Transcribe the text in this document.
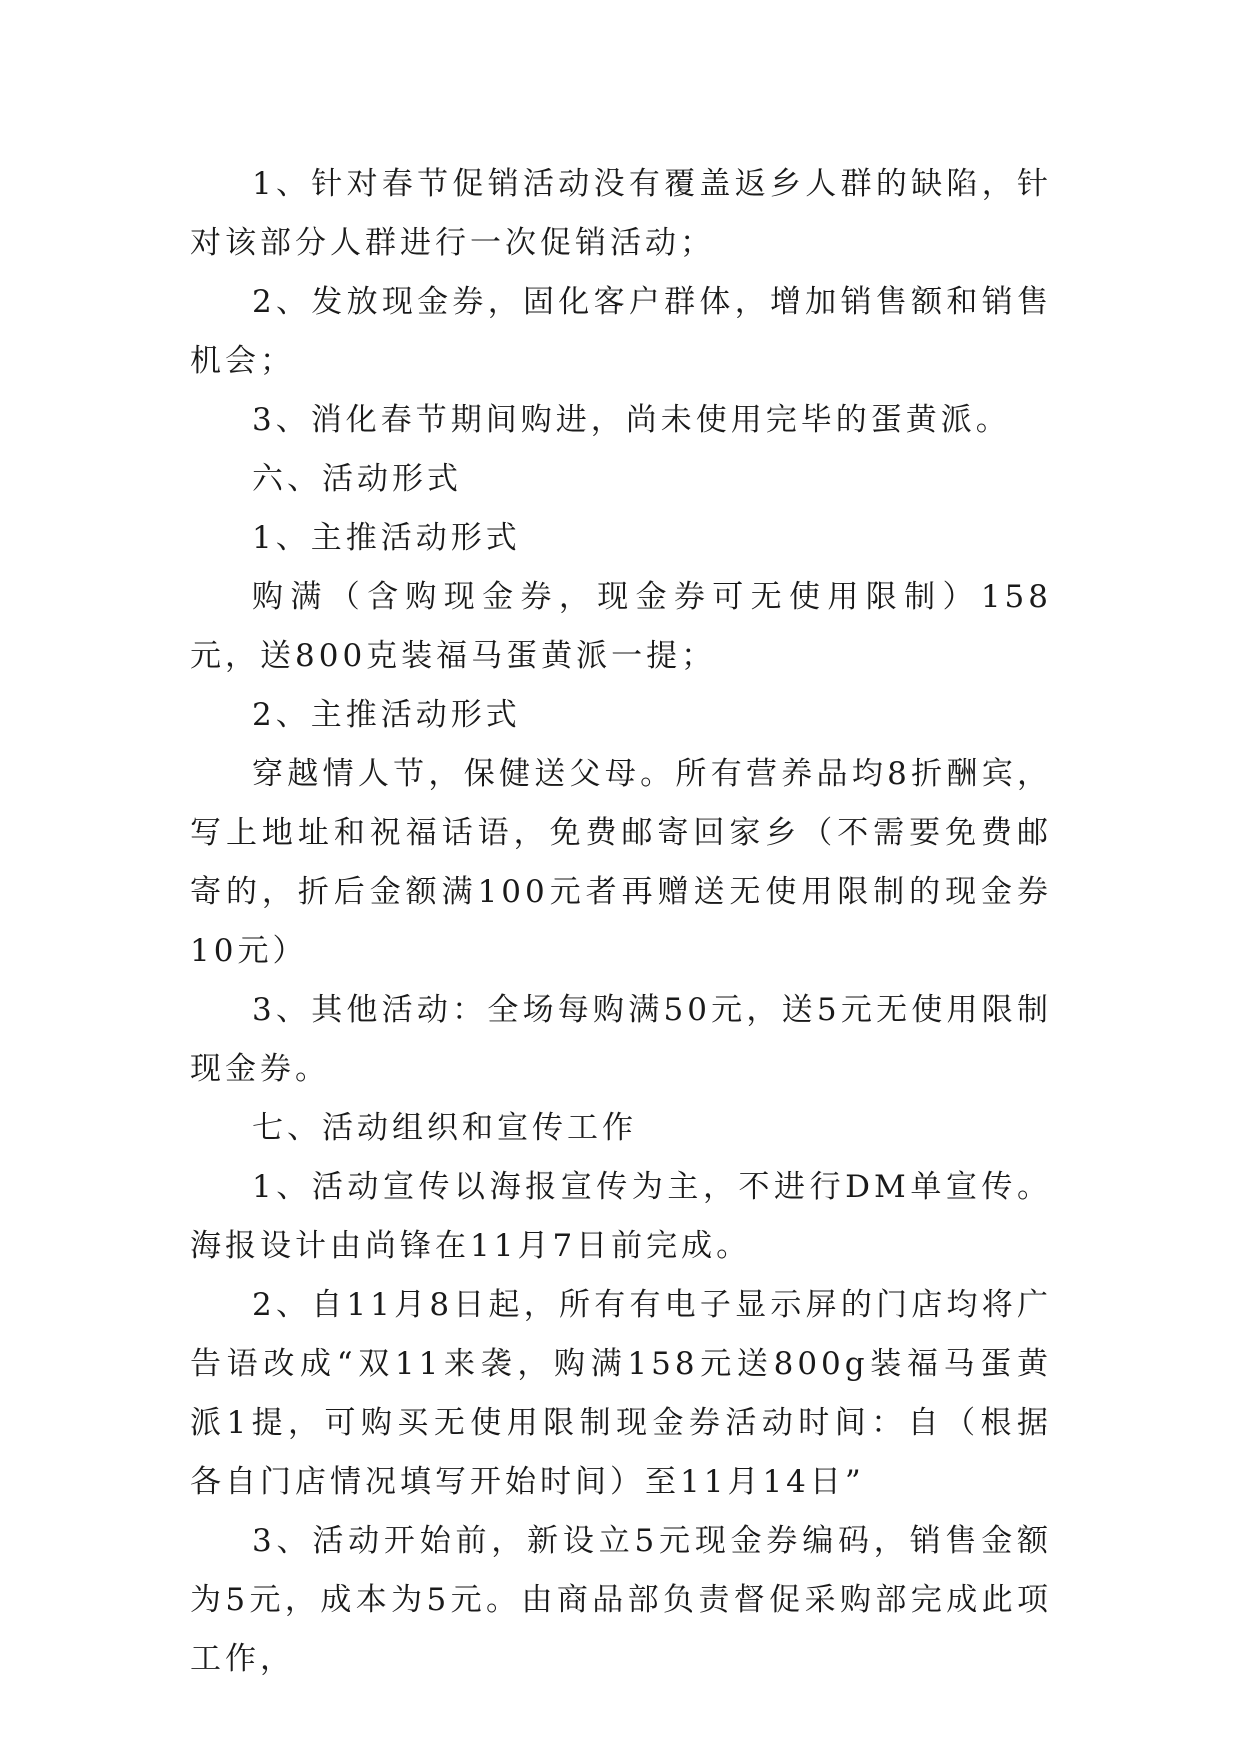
1、针对春节促销活动没有覆盖返乡人群的缺陷，针对该部分人群进行一次促销活动；

2、发放现金券，固化客户群体，增加销售额和销售机会；

3、消化春节期间购进，尚未使用完毕的蛋黄派。

六、活动形式

1、主推活动形式

购满（含购现金券，现金券可无使用限制）158元，送800克装福马蛋黄派一提；

2、主推活动形式

穿越情人节，保健送父母。所有营养品均8折酬宾，写上地址和祝福话语，免费邮寄回家乡（不需要免费邮寄的，折后金额满100元者再赠送无使用限制的现金券10元）

3、其他活动：全场每购满50元，送5元无使用限制现金券。

七、活动组织和宣传工作

1、活动宣传以海报宣传为主，不进行DM单宣传。海报设计由尚锋在11月7日前完成。

2、自11月8日起，所有有电子显示屏的门店均将广告语改成“双11来袭，购满158元送800g装福马蛋黄派1提，可购买无使用限制现金券活动时间：自（根据各自门店情况填写开始时间）至11月14日”

3、活动开始前，新设立5元现金券编码，销售金额为5元，成本为5元。由商品部负责督促采购部完成此项工作，
